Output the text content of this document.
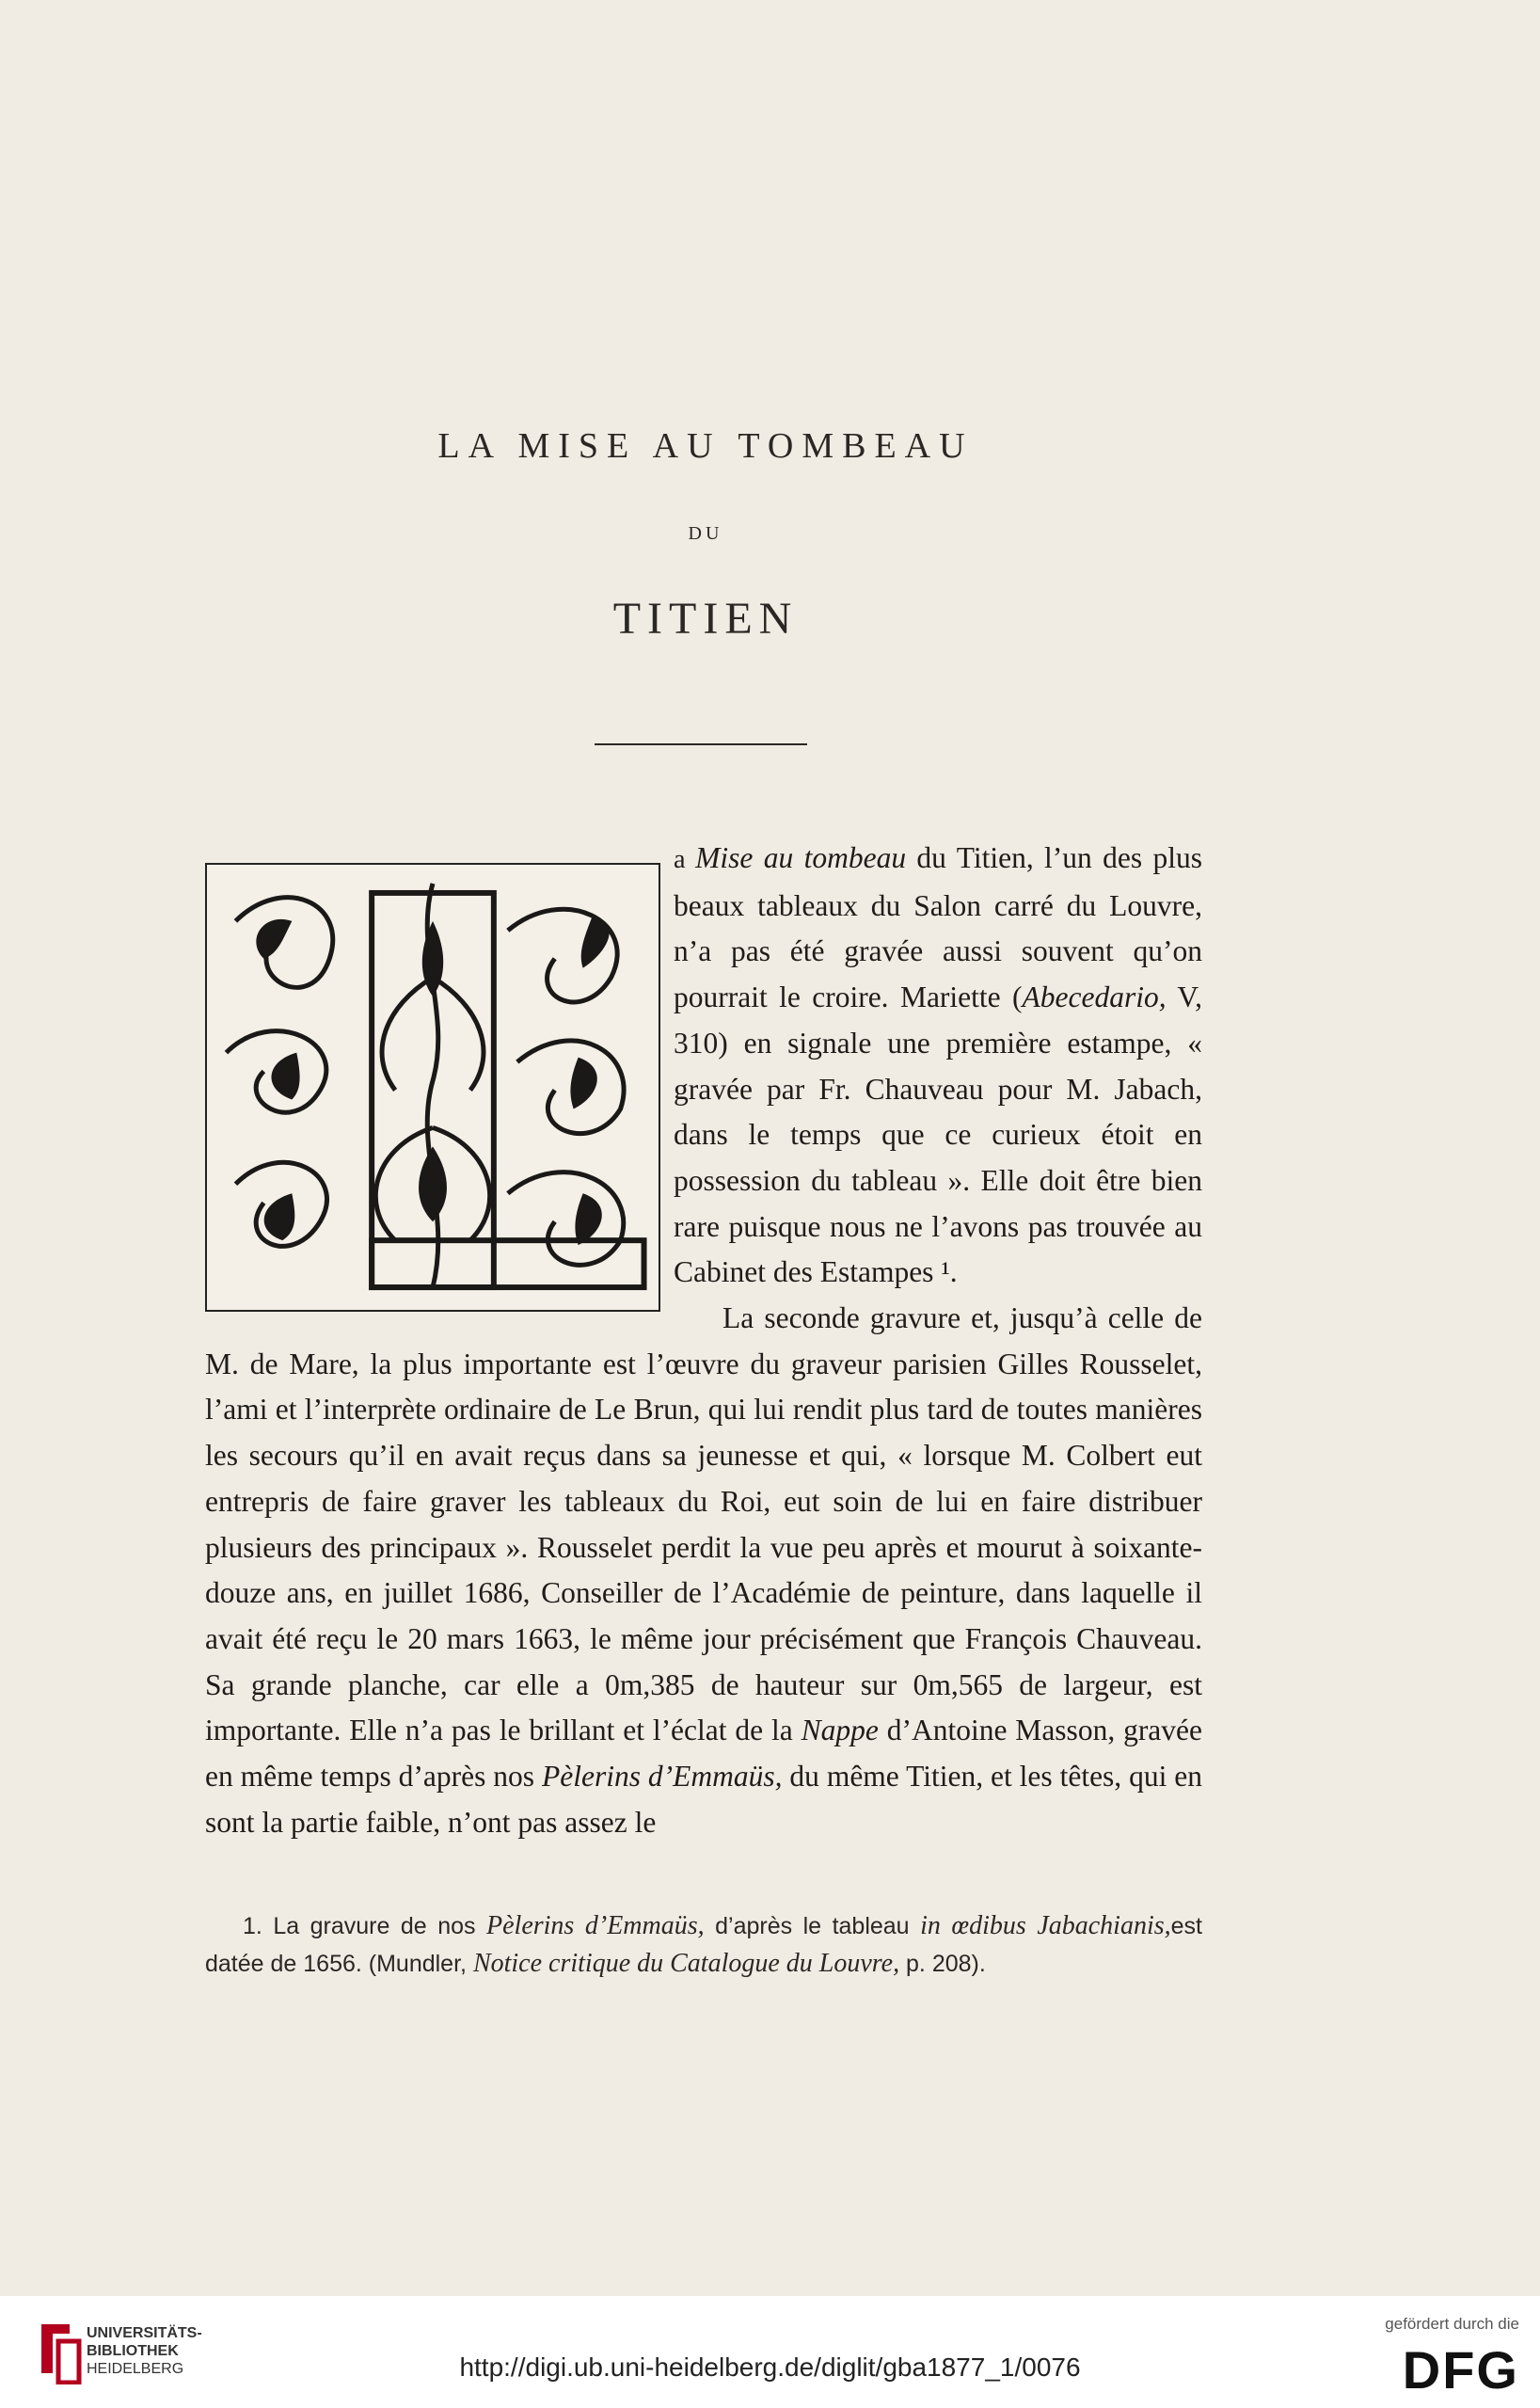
LA MISE AU TOMBEAU
DU
TITIEN

a Mise au tombeau du Titien, l’un des plus beaux tableaux du Salon carré du Louvre, n’a pas été gravée aussi souvent qu’on pourrait le croire. Mariette (Abecedario, V, 310) en signale une première estampe, « gravée par Fr. Chauveau pour M. Jabach, dans le temps que ce curieux étoit en possession du tableau ». Elle doit être bien rare puisque nous ne l’avons pas trouvée au Cabinet des Estampes ¹.

La seconde gravure et, jusqu’à celle de M. de Mare, la plus importante est l’œuvre du graveur parisien Gilles Rousselet, l’ami et l’interprète ordinaire de Le Brun, qui lui rendit plus tard de toutes manières les secours qu’il en avait reçus dans sa jeunesse et qui, « lorsque M. Colbert eut entrepris de faire graver les tableaux du Roi, eut soin de lui en faire distribuer plusieurs des principaux ». Rousselet perdit la vue peu après et mourut à soixante-douze ans, en juillet 1686, Conseiller de l’Académie de peinture, dans laquelle il avait été reçu le 20 mars 1663, le même jour précisément que François Chauveau. Sa grande planche, car elle a 0m,385 de hauteur sur 0m,565 de largeur, est importante. Elle n’a pas le brillant et l’éclat de la Nappe d’Antoine Masson, gravée en même temps d’après nos Pèlerins d’Emmaüs, du même Titien, et les têtes, qui en sont la partie faible, n’ont pas assez le

1. La gravure de nos Pèlerins d’Emmaüs, d’après le tableau in œdibus Jabachianis,est datée de 1656. (Mundler, Notice critique du Catalogue du Louvre, p. 208).

UNIVERSITÄTS-
BIBLIOTHEK
HEIDELBERG	http://digi.ub.uni-heidelberg.de/diglit/gba1877_1/0076
gefördert durch die
DFG
